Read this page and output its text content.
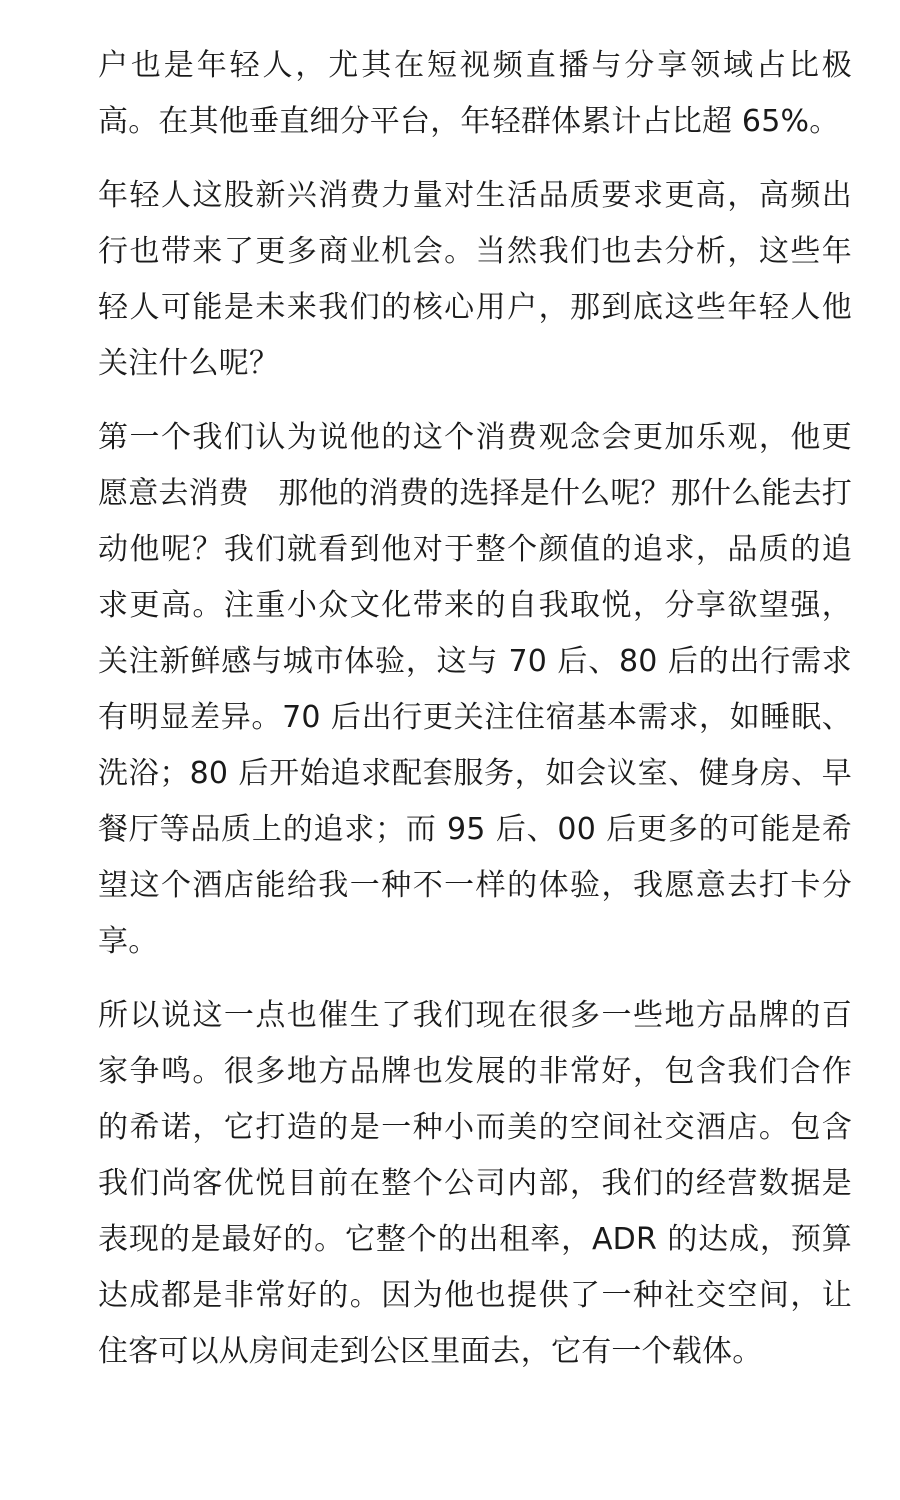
户也是年轻人，尤其在短视频直播与分享领域占比极高。在其他垂直细分平台，年轻群体累计占比超 65%。

年轻人这股新兴消费力量对生活品质要求更高，高频出行也带来了更多商业机会。当然我们也去分析，这些年轻人可能是未来我们的核心用户，那到底这些年轻人他关注什么呢？

第一个我们认为说他的这个消费观念会更加乐观，他更愿意去消费   那他的消费的选择是什么呢？那什么能去打动他呢？我们就看到他对于整个颜值的追求，品质的追求更高。注重小众文化带来的自我取悦，分享欲望强，关注新鲜感与城市体验，这与 70 后、80 后的出行需求有明显差异。70 后出行更关注住宿基本需求，如睡眠、洗浴；80 后开始追求配套服务，如会议室、健身房、早餐厅等品质上的追求；而 95 后、00 后更多的可能是希望这个酒店能给我一种不一样的体验，我愿意去打卡分享。

所以说这一点也催生了我们现在很多一些地方品牌的百家争鸣。很多地方品牌也发展的非常好，包含我们合作的希诺，它打造的是一种小而美的空间社交酒店。包含我们尚客优悦目前在整个公司内部，我们的经营数据是表现的是最好的。它整个的出租率，ADR 的达成，预算达成都是非常好的。因为他也提供了一种社交空间，让住客可以从房间走到公区里面去，它有一个载体。
